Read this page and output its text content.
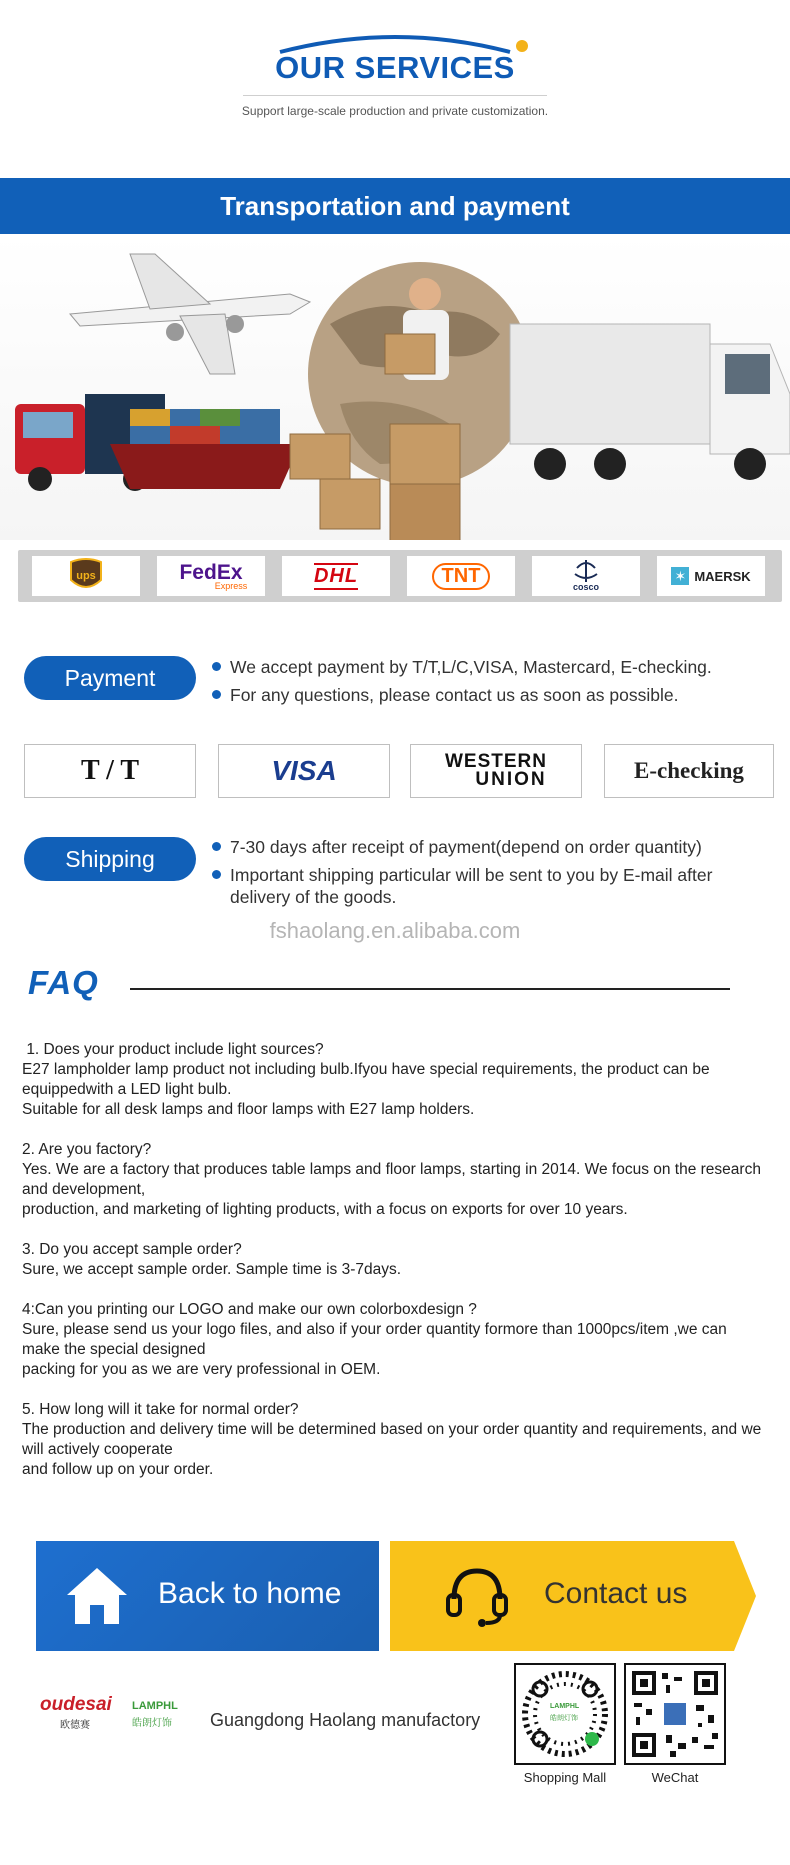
OUR SERVICES
Support large-scale production and private customization.
Transportation and payment
ups	FedEx
Express	DHL	TNT
cosco
✶ MAERSK
Payment	We accept payment by T/T,L/C,VISA, Mastercard, E-checking.
For any questions, please contact us as soon as possible.
T / T	VISA	WESTERN
UNION	E-checking
Shipping	7-30 days after receipt of payment(depend on order quantity)
Important shipping particular will be sent to you by E-mail after delivery of the goods.
fshaolang.en.alibaba.com
FAQ
1. Does your product include light sources?
E27 lampholder lamp product not including bulb.Ifyou have special requirements, the product can be equippedwith a LED light bulb.
Suitable for all desk lamps and floor lamps with E27 lamp holders.
2. Are you factory?
Yes. We are a factory that produces table lamps and floor lamps, starting in 2014. We focus on the research and development,
production, and marketing of lighting products, with a focus on exports for over 10 years.
3. Do you accept sample order?
Sure, we accept sample order. Sample time is 3-7days.
4:Can you printing our LOGO and make our own colorboxdesign ?
Sure, please send us your logo files, and also if your order quantity formore than 1000pcs/item ,we can make the special designed
packing for you as we are very professional in OEM.
5. How long will it take for normal order?
The production and delivery time will be determined based on your order quantity and requirements, and we will actively cooperate
and follow up on your order.
Back to home	Contact us
oudesai
欧德赛
LAMPHL
皓朗灯饰	Guangdong Haolang manufactory
LAMPHL
皓朗灯饰
Shopping Mall	WeChat
